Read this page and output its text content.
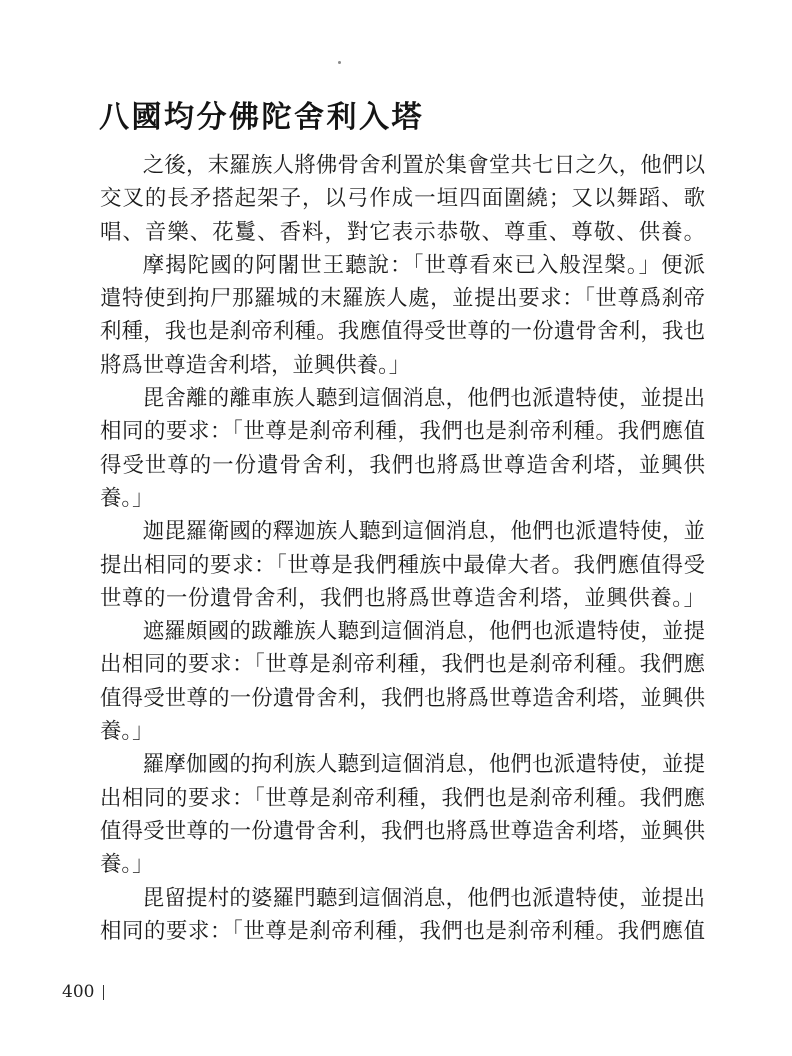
八國均分佛陀舍利入塔
之後，末羅族人將佛骨舍利置於集會堂共七日之久，他們以
交叉的長矛搭起架子，以弓作成一垣四面圍繞；又以舞蹈、歌
唱、音樂、花鬘、香料，對它表示恭敬、尊重、尊敬、供養。
摩揭陀國的阿闍世王聽說：「世尊看來已入般涅槃。」便派
遣特使到拘尸那羅城的末羅族人處，並提出要求：「世尊爲刹帝
利種，我也是刹帝利種。我應值得受世尊的一份遺骨舍利，我也
將爲世尊造舍利塔，並興供養。」
毘舍離的離車族人聽到這個消息，他們也派遣特使，並提出
相同的要求：「世尊是刹帝利種，我們也是刹帝利種。我們應值
得受世尊的一份遺骨舍利，我們也將爲世尊造舍利塔，並興供
養。」
迦毘羅衛國的釋迦族人聽到這個消息，他們也派遣特使，並
提出相同的要求：「世尊是我們種族中最偉大者。我們應值得受
世尊的一份遺骨舍利，我們也將爲世尊造舍利塔，並興供養。」
遮羅頗國的跋離族人聽到這個消息，他們也派遣特使，並提
出相同的要求：「世尊是刹帝利種，我們也是刹帝利種。我們應
值得受世尊的一份遺骨舍利，我們也將爲世尊造舍利塔，並興供
養。」
羅摩伽國的拘利族人聽到這個消息，他們也派遣特使，並提
出相同的要求：「世尊是刹帝利種，我們也是刹帝利種。我們應
值得受世尊的一份遺骨舍利，我們也將爲世尊造舍利塔，並興供
養。」
毘留提村的婆羅門聽到這個消息，他們也派遣特使，並提出
相同的要求：「世尊是刹帝利種，我們也是刹帝利種。我們應值
400
